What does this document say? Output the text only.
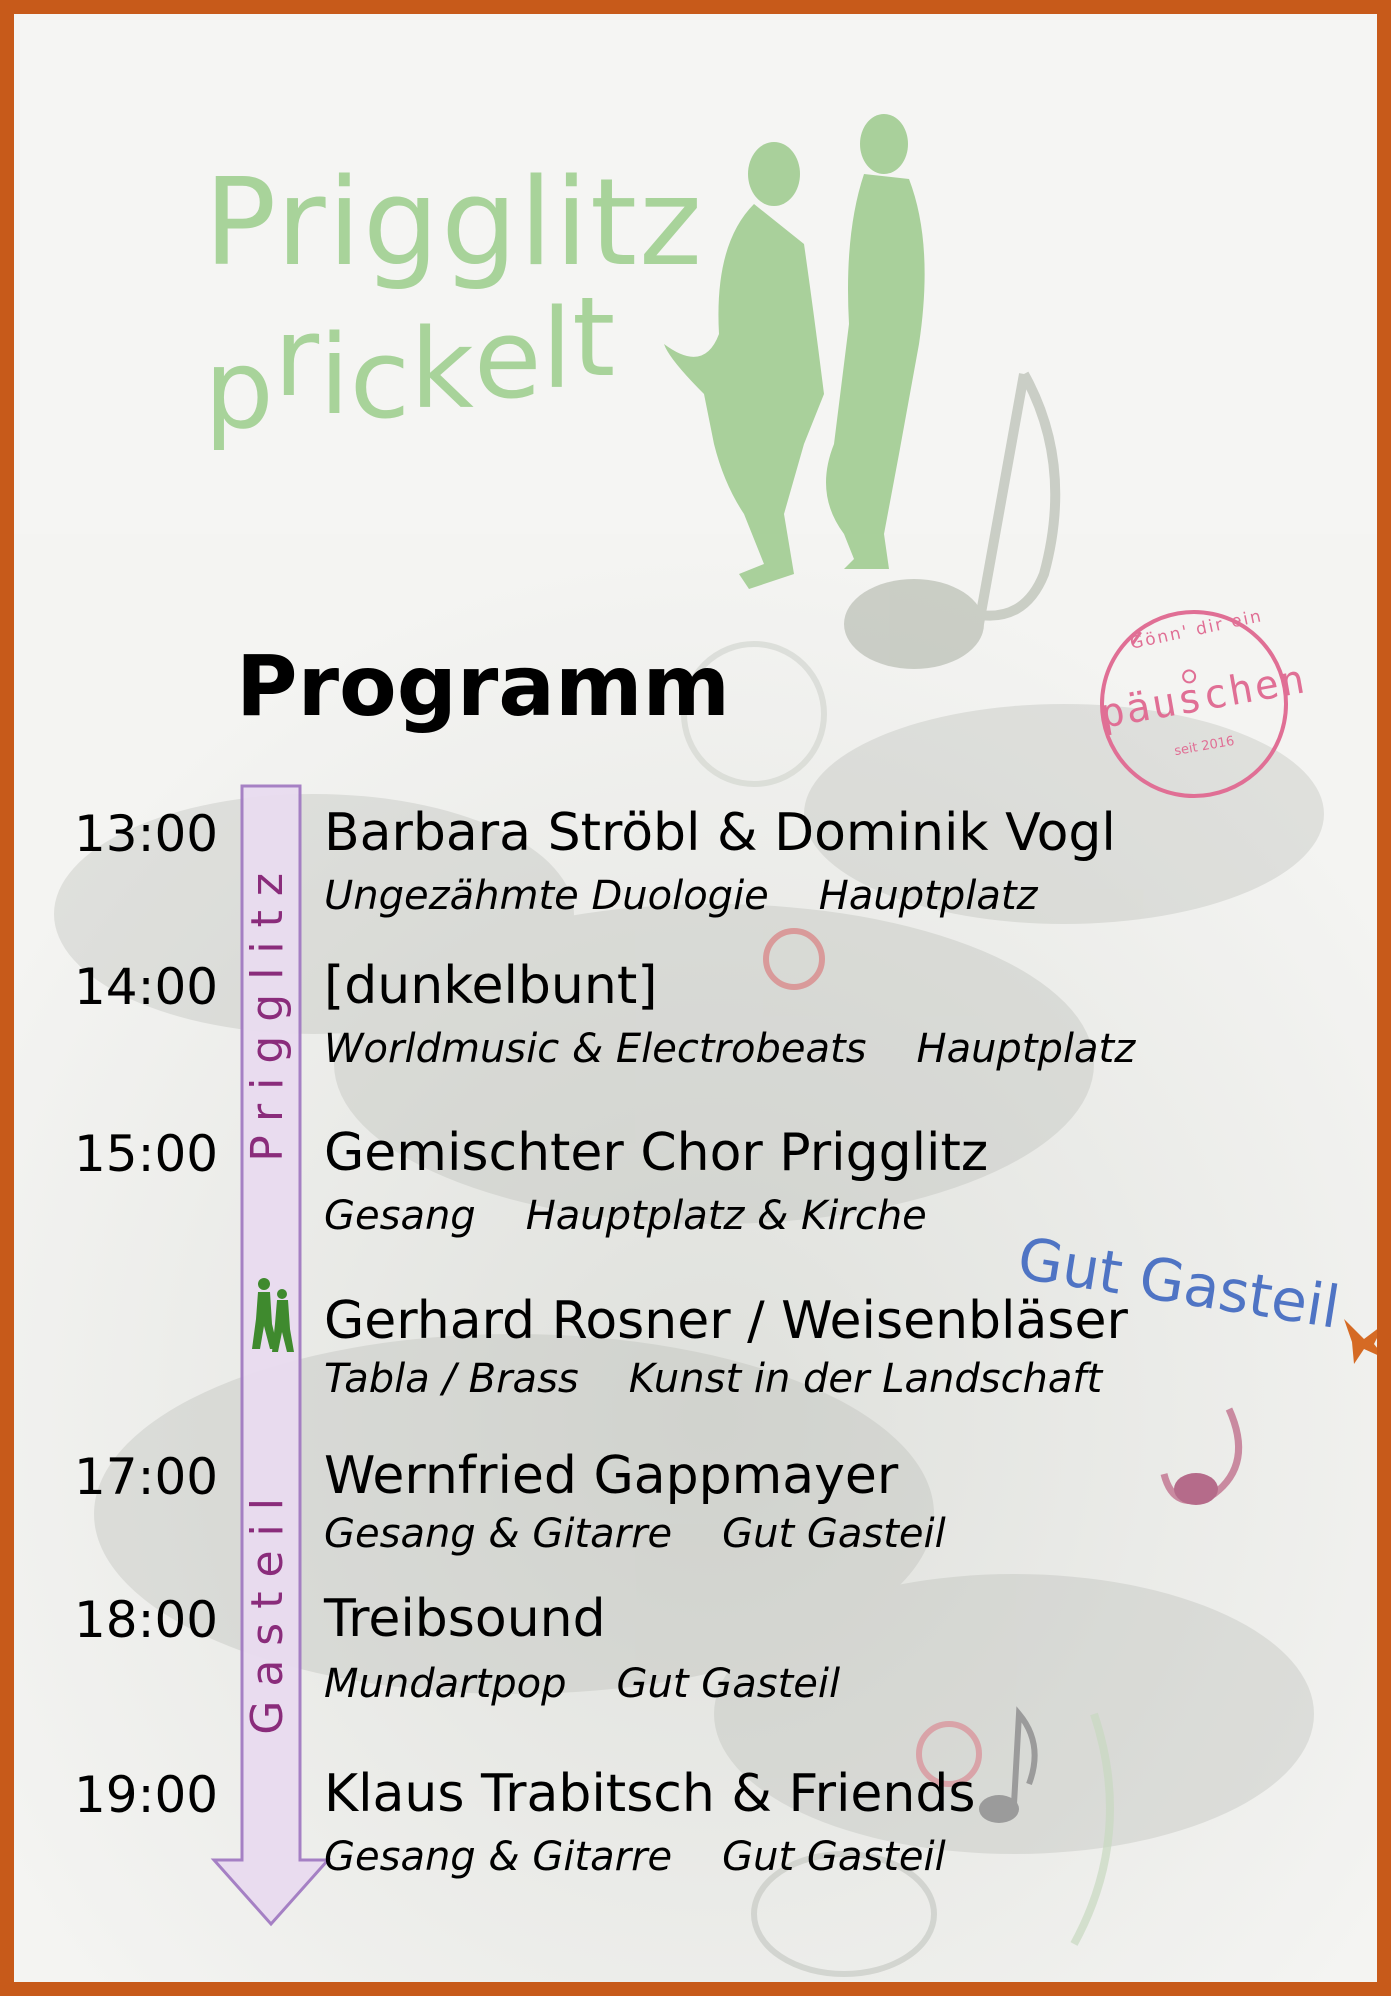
Prigglitz
prickelt
Gönn' dir ein
päuschen
seit 2016
Programm
Prigglitz
Gasteil
Gut Gasteil
13:00 Barbara Ströbl & Dominik Vogl
Ungezähmte Duologie Hauptplatz
14:00 [dunkelbunt]
Worldmusic & Electrobeats Hauptplatz
15:00 Gemischter Chor Prigglitz
Gesang Hauptplatz & Kirche
Gerhard Rosner / Weisenbläser
Tabla / Brass Kunst in der Landschaft
17:00 Wernfried Gappmayer
Gesang & Gitarre Gut Gasteil
18:00 Treibsound
Mundartpop Gut Gasteil
19:00 Klaus Trabitsch & Friends
Gesang & Gitarre Gut Gasteil
